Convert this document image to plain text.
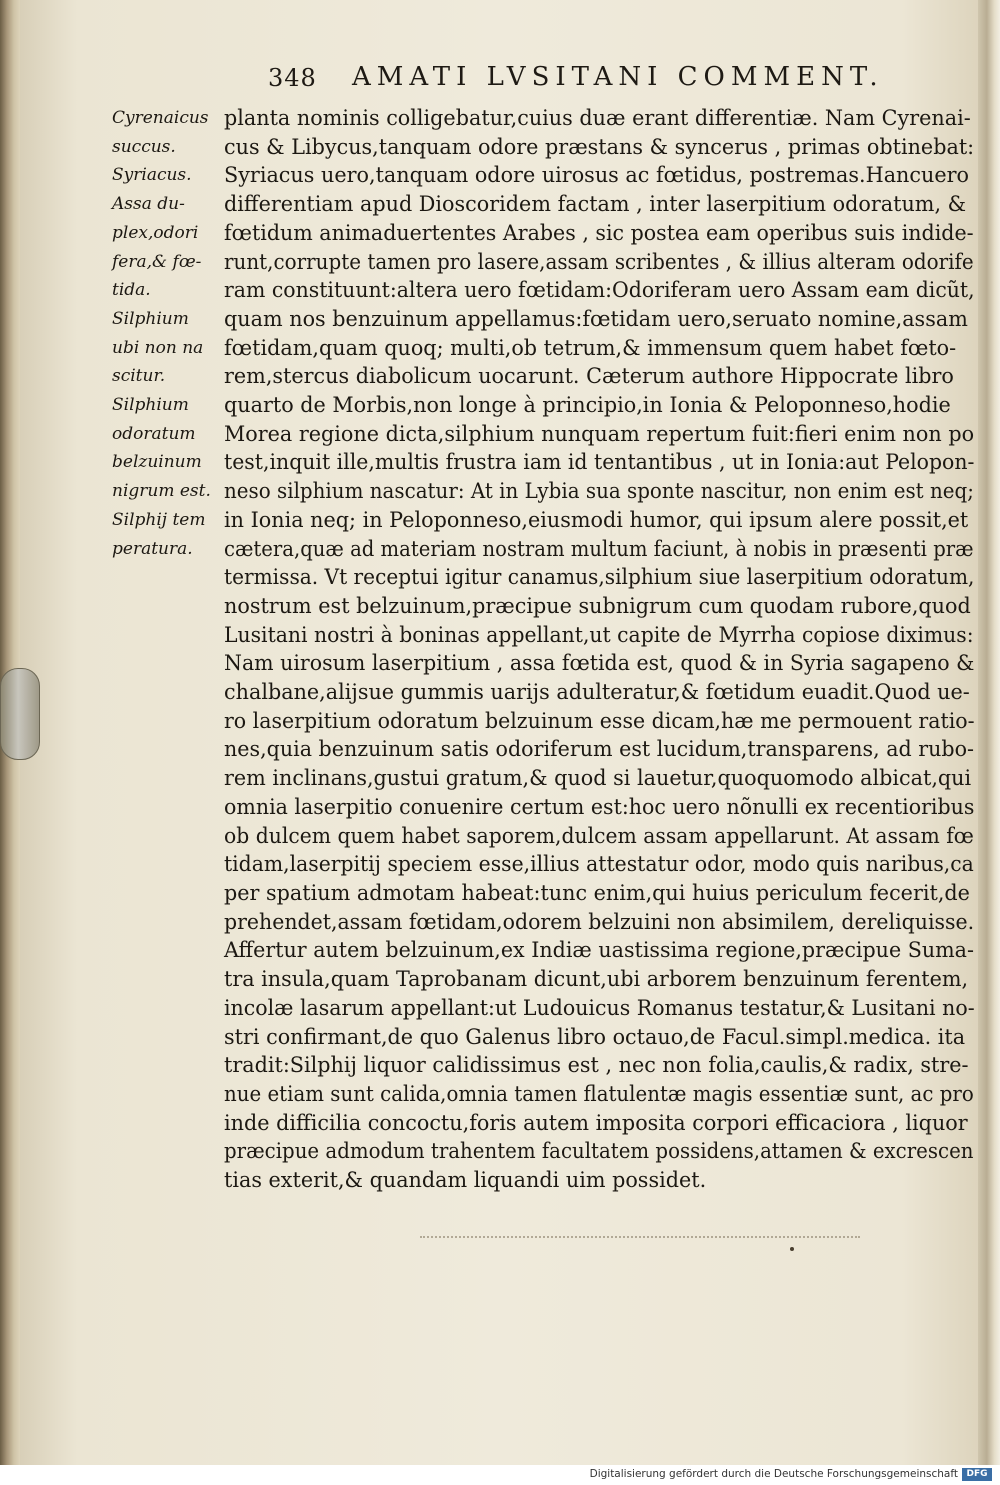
348 AMATI LVSITANI COMMENT.
Cyrenaicus
succus.
Syriacus.
Assa du-
plex,odori
fera,& fœ-
tida.
Silphium
ubi non na
scitur.
Silphium
odoratum
belzuinum
nigrum est.
Silphij tem
peratura.
planta nominis colligebatur,cuius duæ erant differentiæ. Nam Cyrenai-
cus & Libycus,tanquam odore præstans & syncerus , primas obtinebat:
Syriacus uero,tanquam odore uirosus ac fœtidus, postremas.Hancuero
differentiam apud Dioscoridem factam , inter laserpitium odoratum, &
fœtidum animaduertentes Arabes , sic postea eam operibus suis indide-
runt,corrupte tamen pro lasere,assam scribentes , & illius alteram odorife
ram constituunt:altera uero fœtidam:Odoriferam uero Assam eam dicũt,
quam nos benzuinum appellamus:fœtidam uero,seruato nomine,assam
fœtidam,quam quoq; multi,ob tetrum,& immensum quem habet fœto-
rem,stercus diabolicum uocarunt. Cæterum authore Hippocrate libro
quarto de Morbis,non longe à principio,in Ionia & Peloponneso,hodie
Morea regione dicta,silphium nunquam repertum fuit:fieri enim non po
test,inquit ille,multis frustra iam id tentantibus , ut in Ionia:aut Pelopon-
neso silphium nascatur: At in Lybia sua sponte nascitur, non enim est neq;
in Ionia neq; in Peloponneso,eiusmodi humor, qui ipsum alere possit,et
cætera,quæ ad materiam nostram multum faciunt, à nobis in præsenti præ
termissa. Vt receptui igitur canamus,silphium siue laserpitium odoratum,
nostrum est belzuinum,præcipue subnigrum cum quodam rubore,quod
Lusitani nostri à boninas appellant,ut capite de Myrrha copiose diximus:
Nam uirosum laserpitium , assa fœtida est, quod & in Syria sagapeno &
chalbane,alijsue gummis uarijs adulteratur,& fœtidum euadit.Quod ue-
ro laserpitium odoratum belzuinum esse dicam,hæ me permouent ratio-
nes,quia benzuinum satis odoriferum est lucidum,transparens, ad rubo-
rem inclinans,gustui gratum,& quod si lauetur,quoquomodo albicat,qui
omnia laserpitio conuenire certum est:hoc uero nõnulli ex recentioribus
ob dulcem quem habet saporem,dulcem assam appellarunt. At assam fœ
tidam,laserpitij speciem esse,illius attestatur odor, modo quis naribus,ca
per spatium admotam habeat:tunc enim,qui huius periculum fecerit,de
prehendet,assam fœtidam,odorem belzuini non absimilem, dereliquisse.
Affertur autem belzuinum,ex Indiæ uastissima regione,præcipue Suma-
tra insula,quam Taprobanam dicunt,ubi arborem benzuinum ferentem,
incolæ lasarum appellant:ut Ludouicus Romanus testatur,& Lusitani no-
stri confirmant,de quo Galenus libro octauo,de Facul.simpl.medica. ita
tradit:Silphij liquor calidissimus est , nec non folia,caulis,& radix, stre-
nue etiam sunt calida,omnia tamen flatulentæ magis essentiæ sunt, ac pro
inde difficilia concoctu,foris autem imposita corpori efficaciora , liquor
præcipue admodum trahentem facultatem possidens,attamen & excrescen
tias exterit,& quandam liquandi uim possidet.
Digitalisierung gefördert durch die Deutsche Forschungsgemeinschaft DFG
